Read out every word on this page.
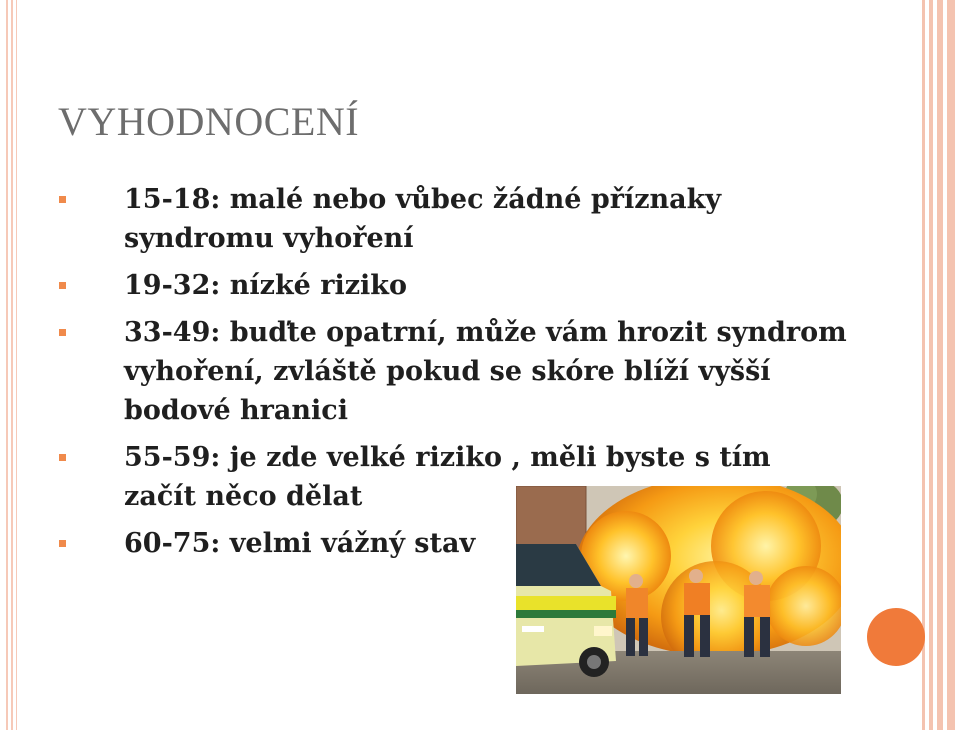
VYHODNOCENÍ
15-18: malé nebo vůbec žádné příznaky syndromu vyhoření
19-32: nízké riziko
33-49: buďte opatrní, může vám hrozit syndrom vyhoření, zvláště pokud se skóre blíží vyšší bodové hranici
55-59: je zde velké riziko , měli byste s tím začít něco dělat
60-75: velmi vážný stav
